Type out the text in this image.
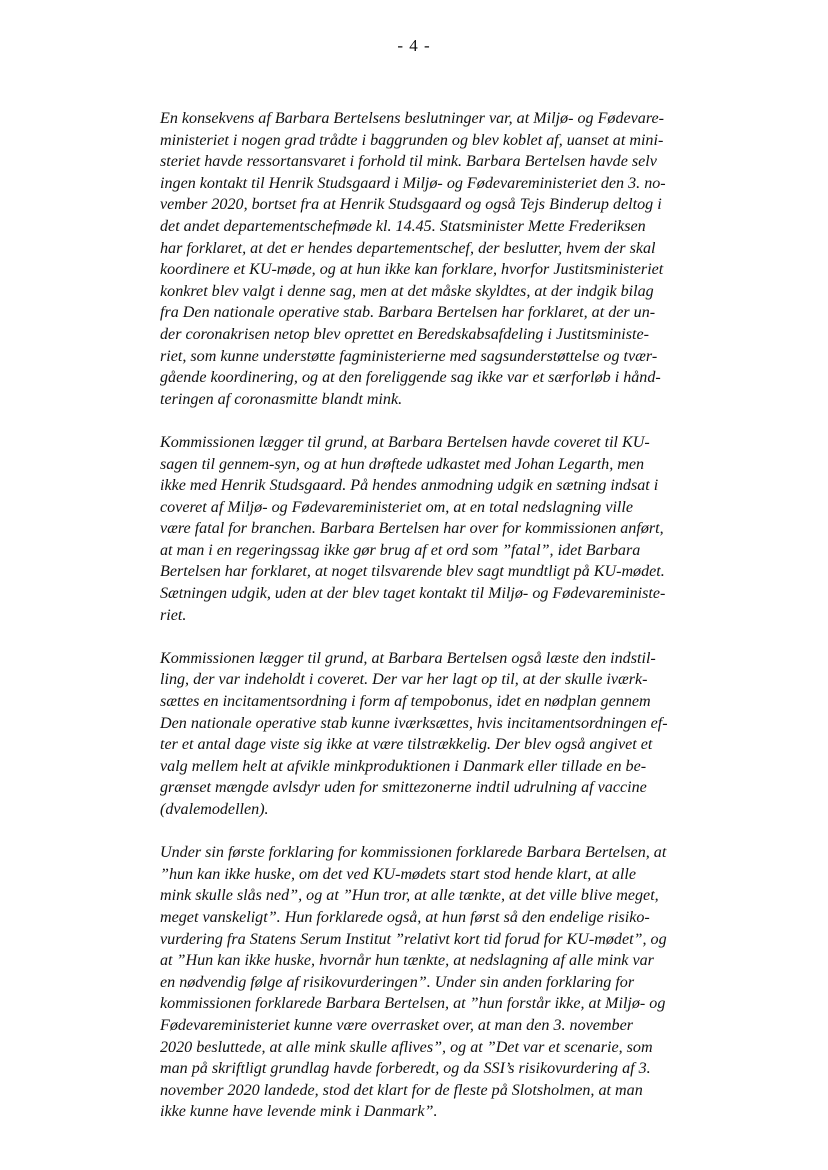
- 4 -

En konsekvens af Barbara Bertelsens beslutninger var, at Miljø- og Fødevare-
ministeriet i nogen grad trådte i baggrunden og blev koblet af, uanset at mini-
steriet havde ressortansvaret i forhold til mink. Barbara Bertelsen havde selv
ingen kontakt til Henrik Studsgaard i Miljø- og Fødevareministeriet den 3. no-
vember 2020, bortset fra at Henrik Studsgaard og også Tejs Binderup deltog i
det andet departementschefmøde kl. 14.45. Statsminister Mette Frederiksen
har forklaret, at det er hendes departementschef, der beslutter, hvem der skal
koordinere et KU-møde, og at hun ikke kan forklare, hvorfor Justitsministeriet
konkret blev valgt i denne sag, men at det måske skyldtes, at der indgik bilag
fra Den nationale operative stab. Barbara Bertelsen har forklaret, at der un-
der coronakrisen netop blev oprettet en Beredskabsafdeling i Justitsministe-
riet, som kunne understøtte fagministerierne med sagsunderstøttelse og tvær-
gående koordinering, og at den foreliggende sag ikke var et særforløb i hånd-
teringen af coronasmitte blandt mink.

Kommissionen lægger til grund, at Barbara Bertelsen havde coveret til KU-
sagen til gennem-syn, og at hun drøftede udkastet med Johan Legarth, men
ikke med Henrik Studsgaard. På hendes anmodning udgik en sætning indsat i
coveret af Miljø- og Fødevareministeriet om, at en total nedslagning ville
være fatal for branchen. Barbara Bertelsen har over for kommissionen anført,
at man i en regeringssag ikke gør brug af et ord som ”fatal”, idet Barbara
Bertelsen har forklaret, at noget tilsvarende blev sagt mundtligt på KU-mødet.
Sætningen udgik, uden at der blev taget kontakt til Miljø- og Fødevareministe-
riet.

Kommissionen lægger til grund, at Barbara Bertelsen også læste den indstil-
ling, der var indeholdt i coveret. Der var her lagt op til, at der skulle iværk-
sættes en incitamentsordning i form af tempobonus, idet en nødplan gennem
Den nationale operative stab kunne iværksættes, hvis incitamentsordningen ef-
ter et antal dage viste sig ikke at være tilstrækkelig. Der blev også angivet et
valg mellem helt at afvikle minkproduktionen i Danmark eller tillade en be-
grænset mængde avlsdyr uden for smittezonerne indtil udrulning af vaccine
(dvalemodellen).

Under sin første forklaring for kommissionen forklarede Barbara Bertelsen, at
”hun kan ikke huske, om det ved KU-mødets start stod hende klart, at alle
mink skulle slås ned”, og at ”Hun tror, at alle tænkte, at det ville blive meget,
meget vanskeligt”. Hun forklarede også, at hun først så den endelige risiko-
vurdering fra Statens Serum Institut ”relativt kort tid forud for KU-mødet”, og
at ”Hun kan ikke huske, hvornår hun tænkte, at nedslagning af alle mink var
en nødvendig følge af risikovurderingen”. Under sin anden forklaring for
kommissionen forklarede Barbara Bertelsen, at ”hun forstår ikke, at Miljø- og
Fødevareministeriet kunne være overrasket over, at man den 3. november
2020 besluttede, at alle mink skulle aflives”, og at ”Det var et scenarie, som
man på skriftligt grundlag havde forberedt, og da SSI’s risikovurdering af 3.
november 2020 landede, stod det klart for de fleste på Slotsholmen, at man
ikke kunne have levende mink i Danmark”.
